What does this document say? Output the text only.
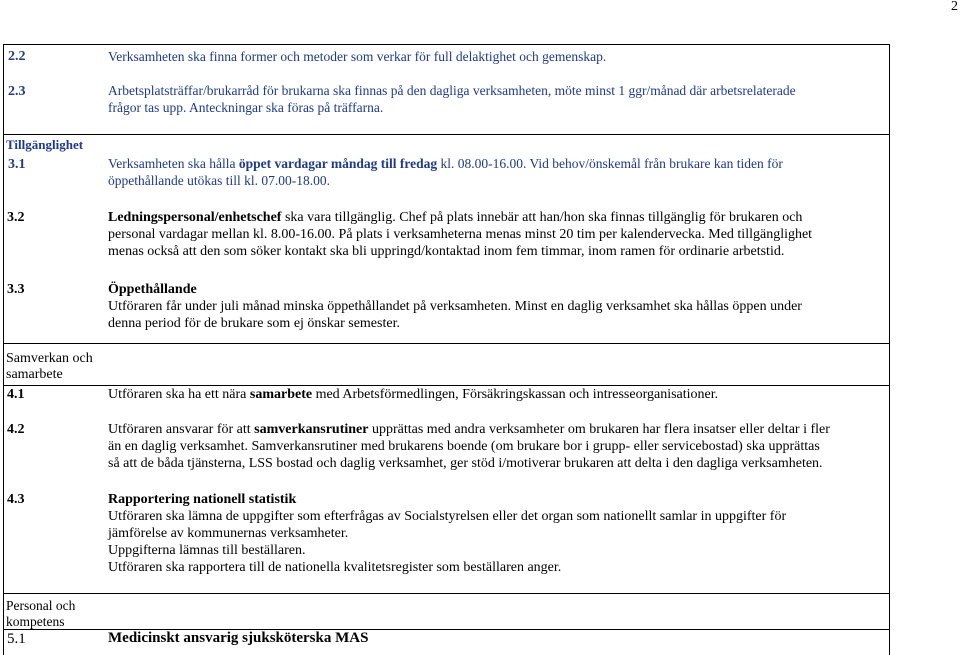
2
2.2	Verksamheten ska finna former och metoder som verkar för full delaktighet och gemenskap.
2.3	Arbetsplatsträffar/brukarråd för brukarna ska finnas på den dagliga verksamheten, möte minst 1 ggr/månad där arbetsrelaterade
frågor tas upp. Anteckningar ska föras på träffarna.
Tillgänglighet
3.1	Verksamheten ska hålla öppet vardagar måndag till fredag kl. 08.00-16.00. Vid behov/önskemål från brukare kan tiden för
öppethållande utökas till kl. 07.00-18.00.
3.2	Ledningspersonal/enhetschef ska vara tillgänglig. Chef på plats innebär att han/hon ska finnas tillgänglig för brukaren och
personal vardagar mellan kl. 8.00-16.00. På plats i verksamheterna menas minst 20 tim per kalendervecka. Med tillgänglighet
menas också att den som söker kontakt ska bli uppringd/kontaktad inom fem timmar, inom ramen för ordinarie arbetstid.
3.3	Öppethållande
Utföraren får under juli månad minska öppethållandet på verksamheten. Minst en daglig verksamhet ska hållas öppen under
denna period för de brukare som ej önskar semester.
Samverkan och
samarbete
4.1	Utföraren ska ha ett nära samarbete med Arbetsförmedlingen, Försäkringskassan och intresseorganisationer.
4.2	Utföraren ansvarar för att samverkansrutiner upprättas med andra verksamheter om brukaren har flera insatser eller deltar i fler
än en daglig verksamhet. Samverkansrutiner med brukarens boende (om brukare bor i grupp- eller servicebostad) ska upprättas
så att de båda tjänsterna, LSS bostad och daglig verksamhet, ger stöd i/motiverar brukaren att delta i den dagliga verksamheten.
4.3	Rapportering nationell statistik
Utföraren ska lämna de uppgifter som efterfrågas av Socialstyrelsen eller det organ som nationellt samlar in uppgifter för
jämförelse av kommunernas verksamheter.
Uppgifterna lämnas till beställaren.
Utföraren ska rapportera till de nationella kvalitetsregister som beställaren anger.
Personal och
kompetens
5.1	Medicinskt ansvarig sjuksköterska MAS
